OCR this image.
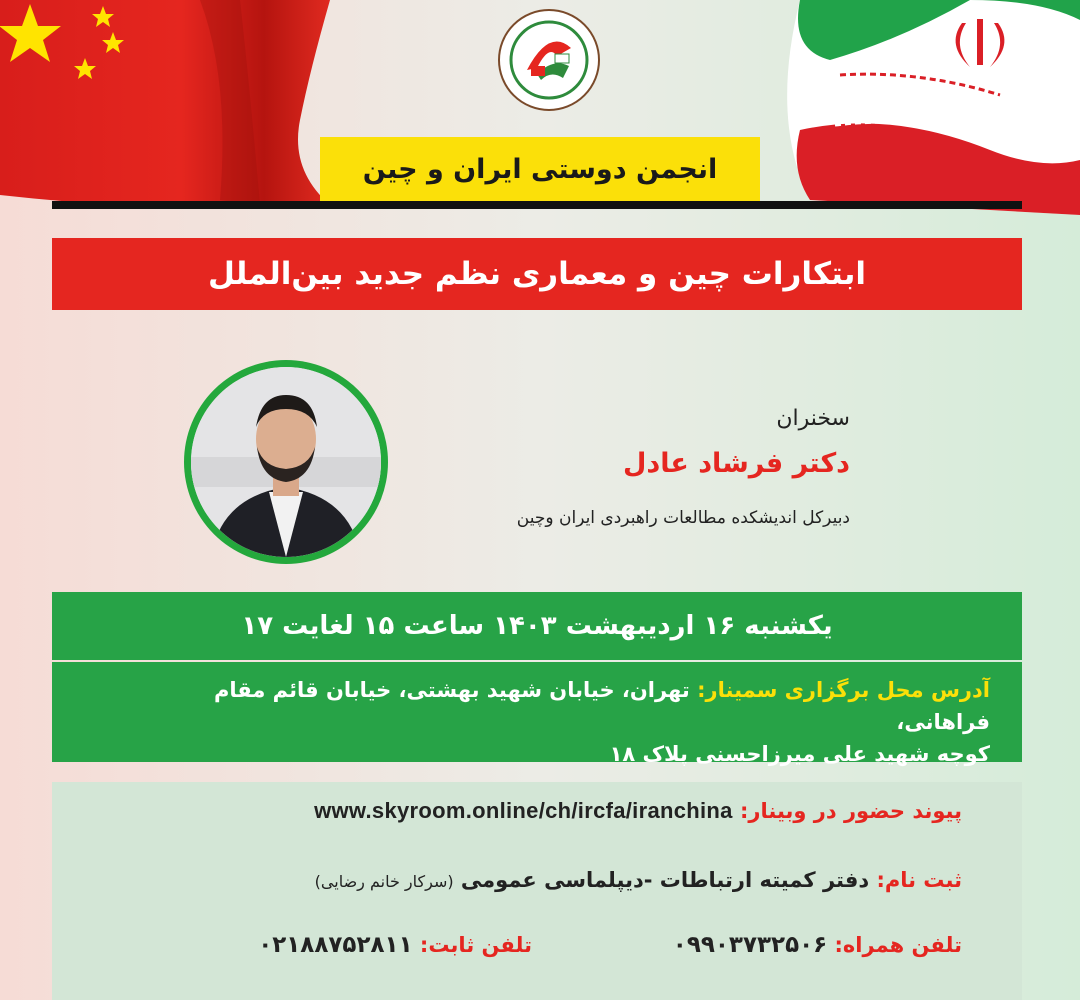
انجمن دوستی ایران و چین
ابتکارات چین و معماری نظم جدید بین‌الملل
سخنران
دکتر فرشاد عادل
دبیرکل اندیشکده مطالعات راهبردی ایران وچین
یکشنبه ۱۶ اردیبهشت ۱۴۰۳ ساعت ۱۵ لغایت ۱۷
آدرس محل برگزاری سمینار: تهران، خیابان شهید بهشتی، خیابان قائم مقام فراهانی،
کوچه شهید علی میرزاحسنی پلاک ۱۸
پیوند حضور در وبینار: www.skyroom.online/ch/ircfa/iranchina
ثبت نام: دفتر کمیته ارتباطات -دیپلماسی عمومی (سرکار خانم رضایی)
تلفن همراه: ۰۹۹۰۳۷۳۲۵۰۶
تلفن ثابت: ۰۲۱۸۸۷۵۲۸۱۱
